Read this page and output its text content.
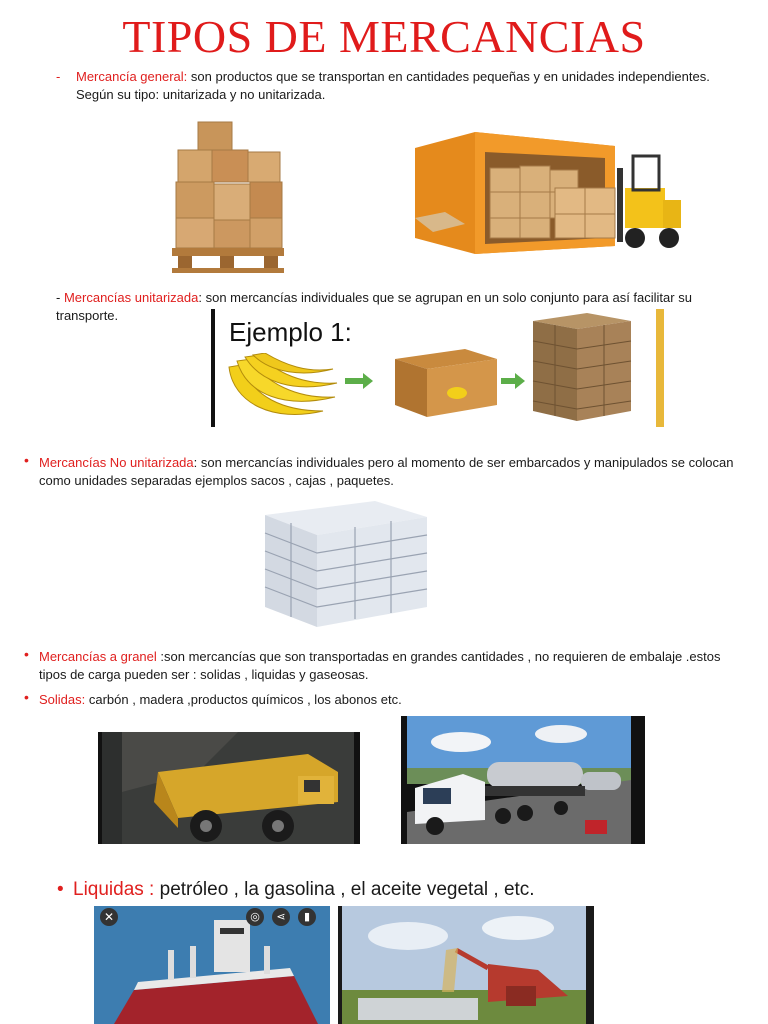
TIPOS DE MERCANCIAS
-	Mercancía general: son productos que se transportan en cantidades pequeñas y en unidades independientes. Según su tipo: unitarizada y no unitarizada.
- Mercancías unitarizada: son mercancías individuales que se agrupan en un solo conjunto para así facilitar su transporte.
Ejemplo 1:
• Mercancías No unitarizada: son mercancías individuales pero al momento de ser embarcados y manipulados se colocan como unidades separadas ejemplos sacos , cajas , paquetes.
• Mercancías a granel :son mercancías que son transportadas en grandes cantidades , no requieren de embalaje .estos tipos de carga pueden ser : solidas , liquidas y gaseosas.
• Solidas: carbón , madera ,productos químicos , los abonos etc.
• Liquidas : petróleo , la gasolina , el aceite vegetal , etc.
✕	◎	⋖	▮
